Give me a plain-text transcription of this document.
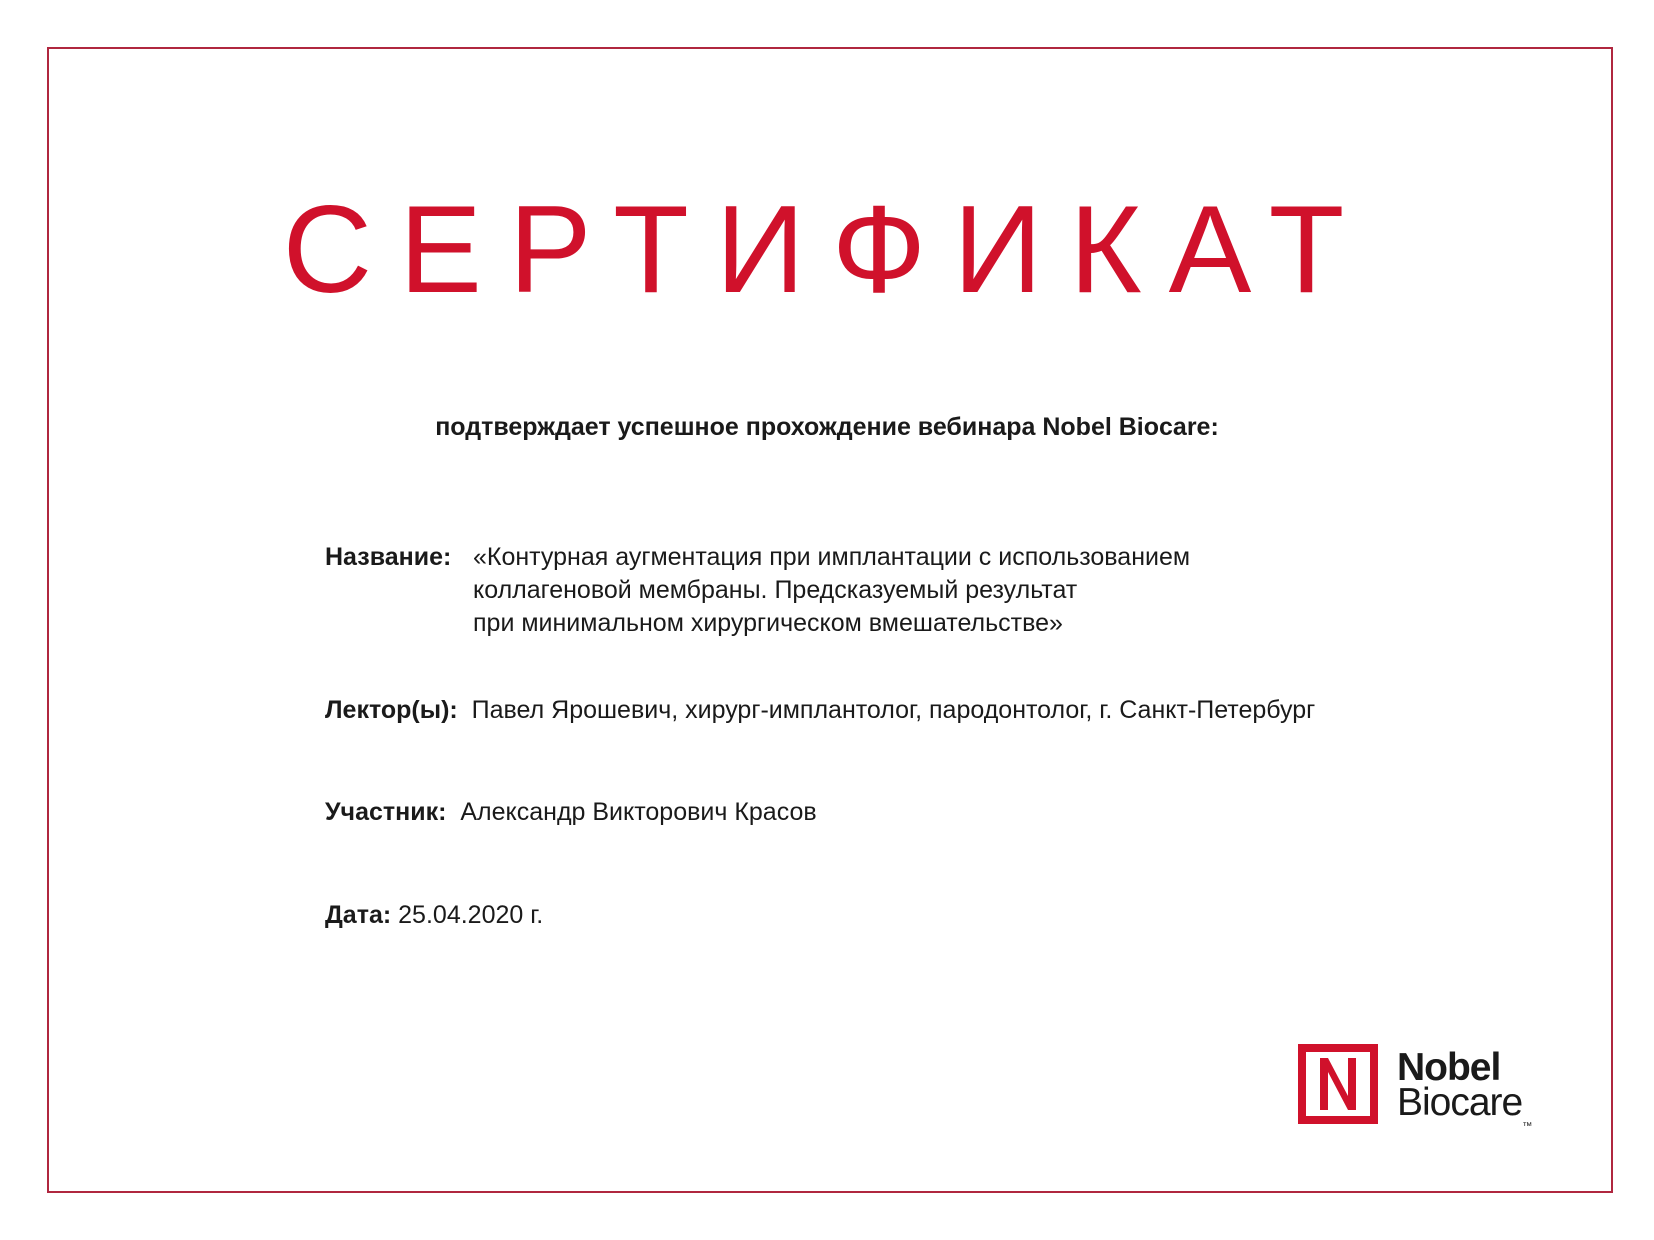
СЕРТИФИКАТ
подтверждает успешное прохождение вебинара Nobel Biocare:
Название: «Контурная аугментация при имплантации с использованием
коллагеновой мембраны. Предсказуемый результат
при минимальном хирургическом вмешательстве»
Лектор(ы): Павел Ярошевич, хирург-имплантолог, пародонтолог, г. Санкт-Петербург
Участник: Александр Викторович Красов
Дата: 25.04.2020 г.
Nobel
Biocare™
